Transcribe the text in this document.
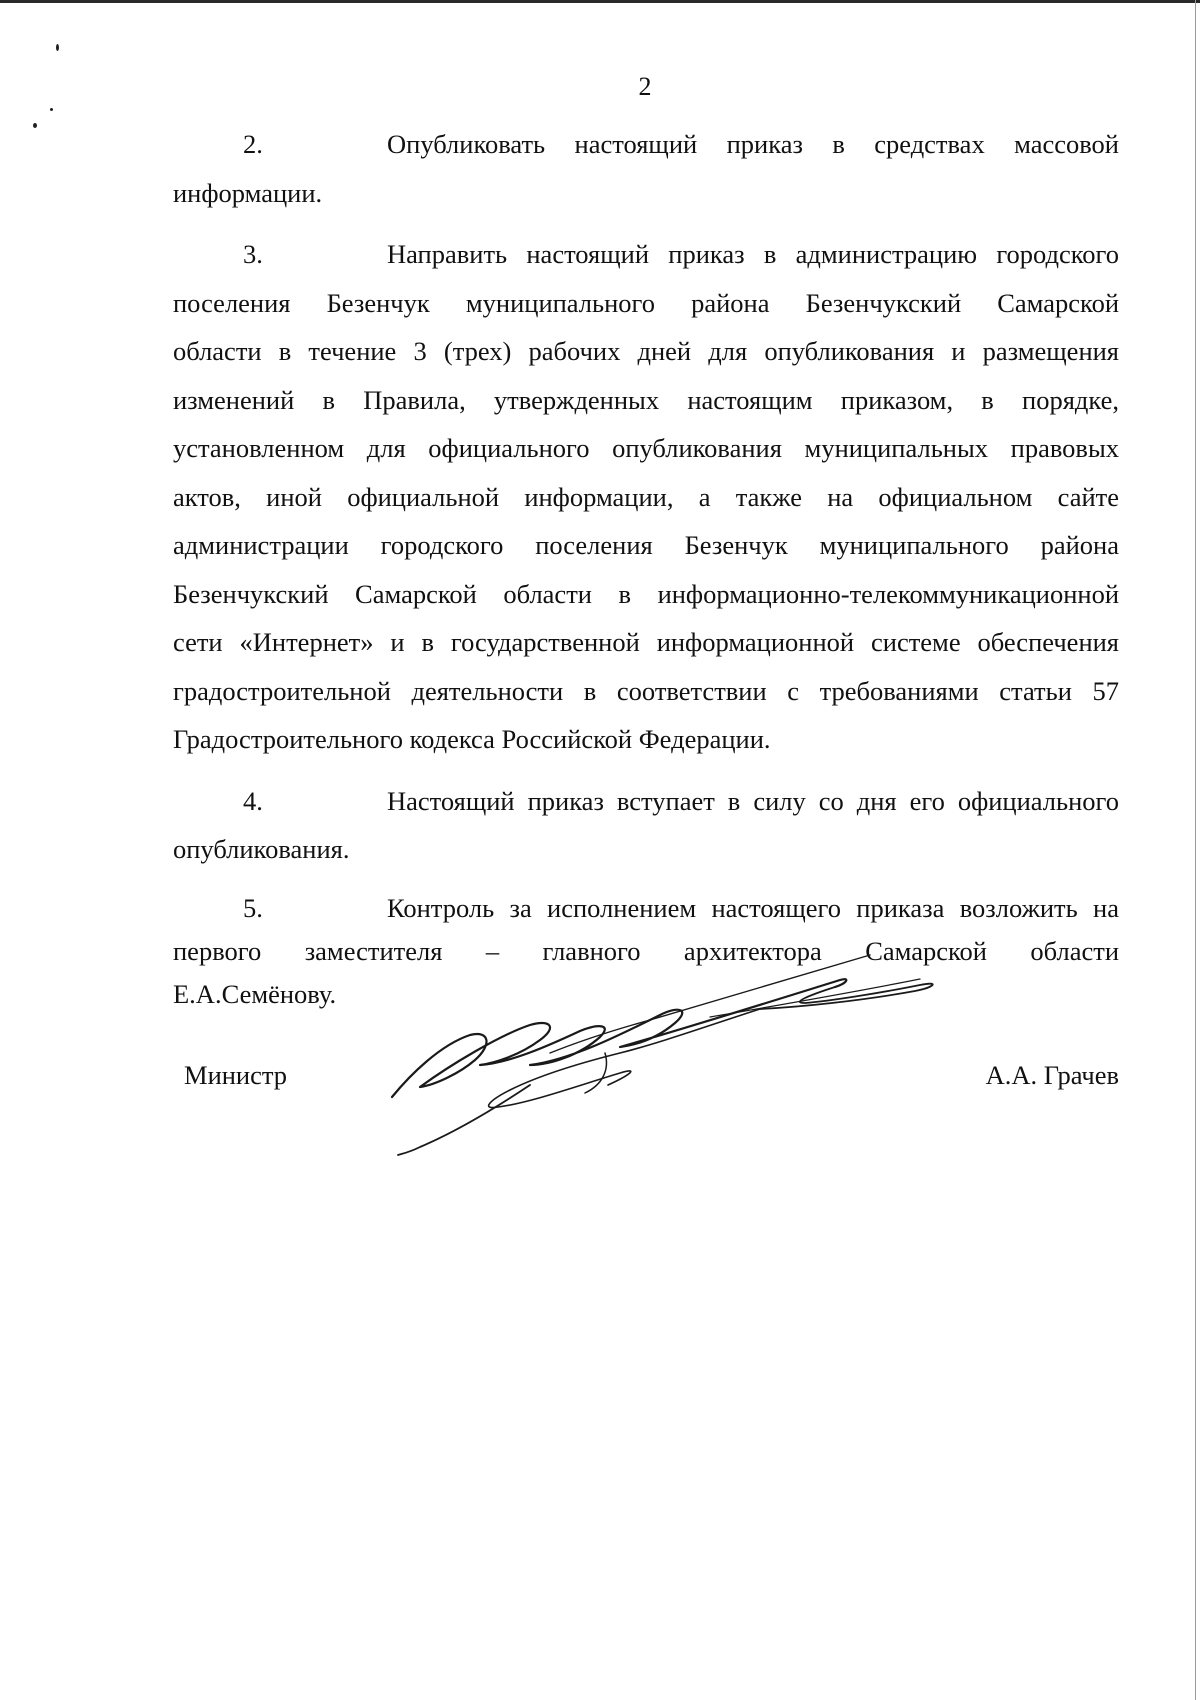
2
2.	Опубликовать настоящий приказ в средствах массовой
информации.
3.	Направить настоящий приказ в администрацию городского
поселения Безенчук муниципального района Безенчукский Самарской
области в течение 3 (трех) рабочих дней для опубликования и размещения
изменений в Правила, утвержденных настоящим приказом, в порядке,
установленном для официального опубликования муниципальных правовых
актов, иной официальной информации, а также на официальном сайте
администрации городского поселения Безенчук муниципального района
Безенчукский Самарской области в информационно-телекоммуникационной
сети «Интернет» и в государственной информационной системе обеспечения
градостроительной деятельности в соответствии с требованиями статьи 57
Градостроительного кодекса Российской Федерации.
4.	Настоящий приказ вступает в силу со дня его официального
опубликования.
5.	Контроль за исполнением настоящего приказа возложить на
первого заместителя – главного архитектора Самарской области
Е.А.Семёнову.
Министр	А.А. Грачев
